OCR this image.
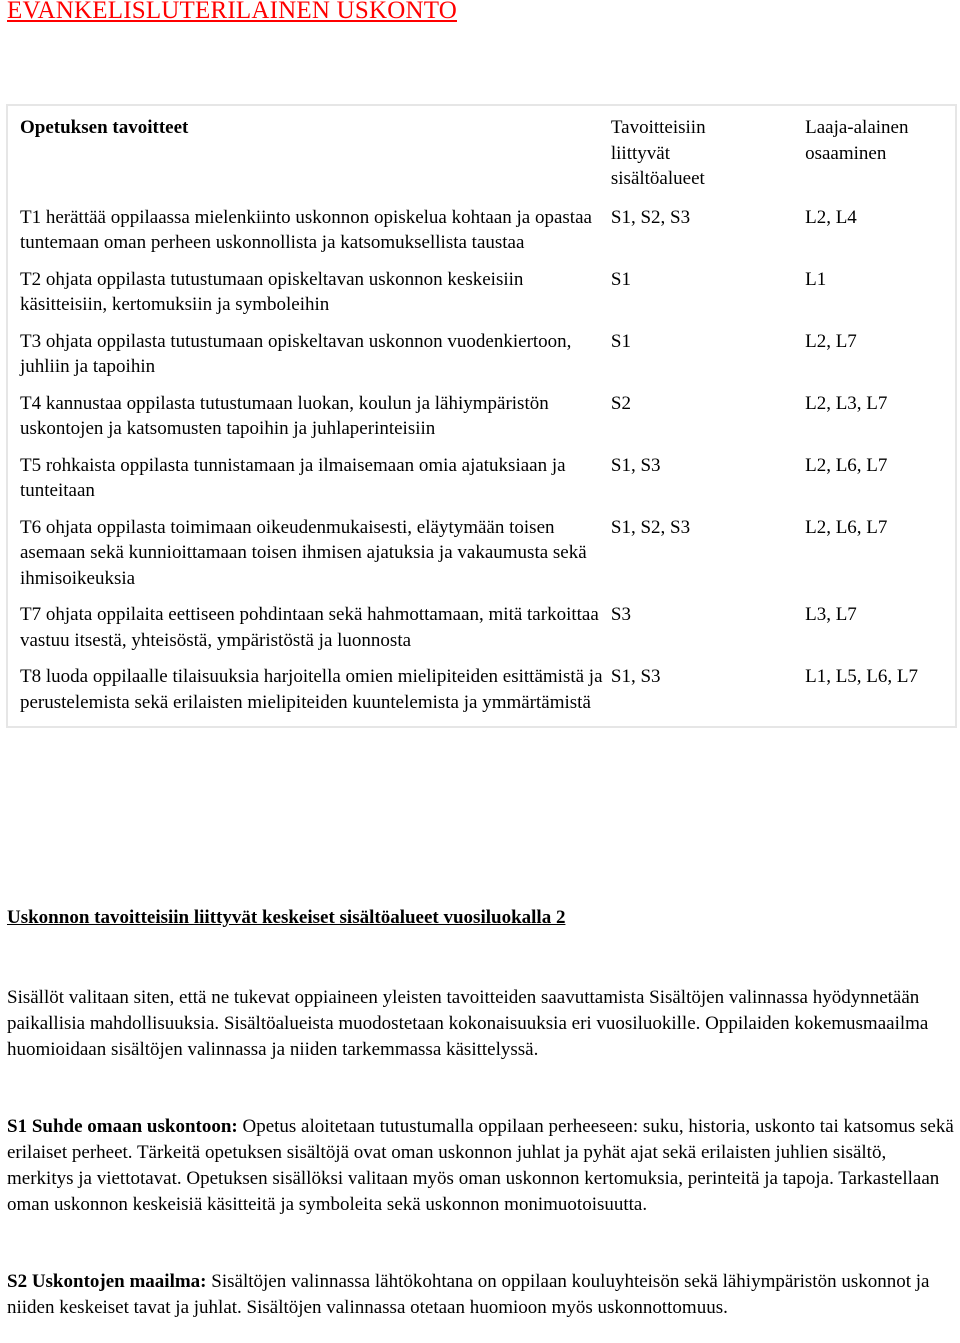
EVANKELISLUTERILAINEN USKONTO
Opetuksen tavoitteet	Tavoitteisiin liittyvät sisältöalueet	Laaja-alainen osaaminen

T1 herättää oppilaassa mielenkiinto uskonnon opiskelua kohtaan ja opastaa tuntemaan oman perheen uskonnollista ja katsomuksellista taustaa	S1, S2, S3	L2, L4

T2 ohjata oppilasta tutustumaan opiskeltavan uskonnon keskeisiin käsitteisiin, kertomuksiin ja symboleihin	S1	L1

T3 ohjata oppilasta tutustumaan opiskeltavan uskonnon vuodenkiertoon, juhliin ja tapoihin	S1	L2, L7

T4 kannustaa oppilasta tutustumaan luokan, koulun ja lähiympäristön uskontojen ja katsomusten tapoihin ja juhlaperinteisiin	S2	L2, L3, L7

T5 rohkaista oppilasta tunnistamaan ja ilmaisemaan omia ajatuksiaan ja tunteitaan	S1, S3	L2, L6, L7

T6 ohjata oppilasta toimimaan oikeudenmukaisesti, eläytymään toisen asemaan sekä kunnioittamaan toisen ihmisen ajatuksia ja vakaumusta sekä ihmisoikeuksia	S1, S2, S3	L2, L6, L7

T7 ohjata oppilaita eettiseen pohdintaan sekä hahmottamaan, mitä tarkoittaa vastuu itsestä, yhteisöstä, ympäristöstä ja luonnosta	S3	L3, L7

T8 luoda oppilaalle tilaisuuksia harjoitella omien mielipiteiden esittämistä ja perustelemista sekä erilaisten mielipiteiden kuuntelemista ja ymmärtämistä	S1, S3	L1, L5, L6, L7

Uskonnon tavoitteisiin liittyvät keskeiset sisältöalueet vuosiluokalla 2

Sisällöt valitaan siten, että ne tukevat oppiaineen yleisten tavoitteiden saavuttamista Sisältöjen valinnassa hyödynnetään paikallisia mahdollisuuksia. Sisältöalueista muodostetaan kokonaisuuksia eri vuosiluokille. Oppilaiden kokemusmaailma huomioidaan sisältöjen valinnassa ja niiden tarkemmassa käsittelyssä.

S1 Suhde omaan uskontoon: Opetus aloitetaan tutustumalla oppilaan perheeseen: suku, historia, uskonto tai katsomus sekä erilaiset perheet. Tärkeitä opetuksen sisältöjä ovat oman uskonnon juhlat ja pyhät ajat sekä erilaisten juhlien sisältö, merkitys ja viettotavat. Opetuksen sisällöksi valitaan myös oman uskonnon kertomuksia, perinteitä ja tapoja. Tarkastellaan oman uskonnon keskeisiä käsitteitä ja symboleita sekä uskonnon monimuotoisuutta.

S2 Uskontojen maailma: Sisältöjen valinnassa lähtökohtana on oppilaan kouluyhteisön sekä lähiympäristön uskonnot ja niiden keskeiset tavat ja juhlat. Sisältöjen valinnassa otetaan huomioon myös uskonnottomuus.
